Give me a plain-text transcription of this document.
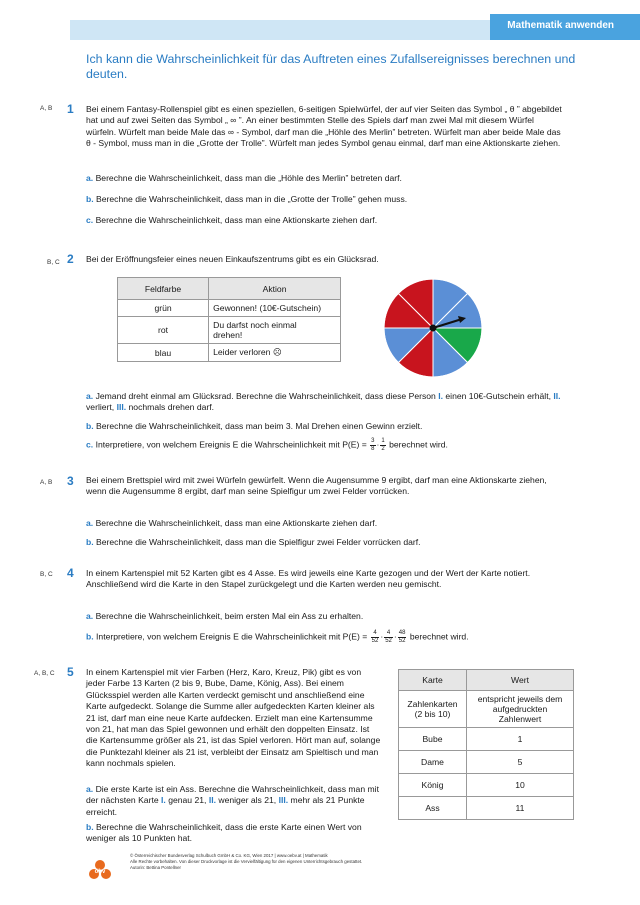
Mathematik anwenden
Ich kann die Wahrscheinlichkeit für das Auftreten eines Zufallsereignisses berechnen und deuten.
A, B 1 Bei einem Fantasy-Rollenspiel gibt es einen speziellen, 6-seitigen Spielwürfel, der auf vier Seiten das Symbol „ θ ” abgebildet hat und auf zwei Seiten das Symbol „ ∞ ”. An einer bestimmten Stelle des Spiels darf man zwei Mal mit diesem Würfel würfeln. Würfelt man beide Male das ∞ - Symbol, darf man die „Höhle des Merlin” betreten. Würfelt man aber beide Male das θ - Symbol, muss man in die „Grotte der Trolle”. Würfelt man jedes Symbol genau einmal, darf man eine Aktionskarte ziehen.
a. Berechne die Wahrscheinlichkeit, dass man die „Höhle des Merlin” betreten darf.
b. Berechne die Wahrscheinlichkeit, dass man in die „Grotte der Trolle” gehen muss.
c. Berechne die Wahrscheinlichkeit, dass man eine Aktionskarte ziehen darf.
B, C 2 Bei der Eröffnungsfeier eines neuen Einkaufszentrums gibt es ein Glücksrad.
Feldfarbe	Aktion
grün	Gewonnen! (10€-Gutschein)
rot	Du darfst noch einmal drehen!

blau	Leider verloren ☹
a. Jemand dreht einmal am Glücksrad. Berechne die Wahrscheinlichkeit, dass diese Person I. einen 10€-Gutschein erhält, II. verliert, III. nochmals drehen darf.
b. Berechne die Wahrscheinlichkeit, dass man beim 3. Mal Drehen einen Gewinn erzielt.
c. Interpretiere, von welchem Ereignis E die Wahrscheinlichkeit mit $P(E) = \frac{3}{8} \cdot \frac{1}{2}$ berechnet wird.
A, B 3 Bei einem Brettspiel wird mit zwei Würfeln gewürfelt. Wenn die Augensumme 9 ergibt, darf man eine Aktionskarte ziehen, wenn die Augensumme 8 ergibt, darf man seine Spielfigur um zwei Felder vorrücken.
a. Berechne die Wahrscheinlichkeit, dass man eine Aktionskarte ziehen darf.
b. Berechne die Wahrscheinlichkeit, dass man die Spielfigur zwei Felder vorrücken darf.
B, C 4 In einem Kartenspiel mit 52 Karten gibt es 4 Asse. Es wird jeweils eine Karte gezogen und der Wert der Karte notiert. Anschließend wird die Karte in den Stapel zurückgelegt und die Karten werden neu gemischt.
a. Berechne die Wahrscheinlichkeit, beim ersten Mal ein Ass zu erhalten.
b. Interpretiere, von welchem Ereignis E die Wahrscheinlichkeit mit $P(E) = \frac{4}{52} \cdot \frac{4}{52} \cdot \frac{48}{52}$ berechnet wird.
A, B, C 5 In einem Kartenspiel mit vier Farben (Herz, Karo, Kreuz, Pik) gibt es von jeder Farbe 13 Karten (2 bis 9, Bube, Dame, König, Ass). Bei einem Glücksspiel werden alle Karten verdeckt gemischt und anschließend eine Karte aufgedeckt. Solange die Summe aller aufgedeckten Karten kleiner als 21 ist, darf man eine neue Karte aufdecken. Erzielt man eine Kartensumme von 21, hat man das Spiel gewonnen und erhält den doppelten Einsatz. Ist die Kartensumme größer als 21, ist das Spiel verloren. Hört man auf, solange die Punktezahl kleiner als 21 ist, verbleibt der Einsatz am Spieltisch und man kann nochmals spielen.
a. Die erste Karte ist ein Ass. Berechne die Wahrscheinlichkeit, dass man mit der nächsten Karte I. genau 21, II. weniger als 21, III. mehr als 21 Punkte erreicht.
b. Berechne die Wahrscheinlichkeit, dass die erste Karte einen Wert von weniger als 10 Punkten hat.
Karte	Wert
Zahlenkarten (2 bis 10)	entspricht jeweils dem aufgedruckten Zahlenwert
Bube	1
Dame	5
König	10
Ass	11
öbv
© Österreichischer Bundesverlag Schulbuch GmbH & Co. KG, Wien 2017 | www.oebv.at | Mathematik
Alle Rechte vorbehalten. Von dieser Druckvorlage ist die Vervielfältigung für den eigenen Unterrichtsgebrauch gestattet.
Autorin: Bettina Pontellner
